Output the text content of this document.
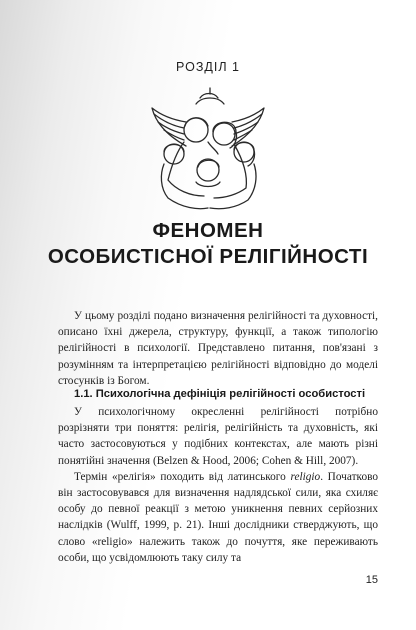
РОЗДІЛ 1
ФЕНОМЕН
ОСОБИСТІСНОЇ РЕЛІГІЙНОСТІ

У цьому розділі подано визначення релігійності та духовності, описано їхні джерела, структуру, функції, а також типологію релігійності в психології. Представлено питання, пов'язані з розумінням та інтерпретацією релігійності відповідно до моделі стосунків із Богом.

1.1. Психологічна дефініція релігійності особистості

У психологічному окресленні релігійності потрібно розрізняти три поняття: релігія, релігійність та духовність, які часто застосовуються у подібних контекстах, але мають різні понятійні значення (Belzen & Hood, 2006; Cohen & Hill, 2007).

Термін «релігія» походить від латинського religio. Початково він застосовувався для визначення надлядської сили, яка схиляє особу до певної реакції з метою уникнення певних серйозних наслідків (Wulff, 1999, р. 21). Інші дослідники стверджують, що слово «religio» належить також до почуття, яке переживають особи, що усвідомлюють таку силу та

15
